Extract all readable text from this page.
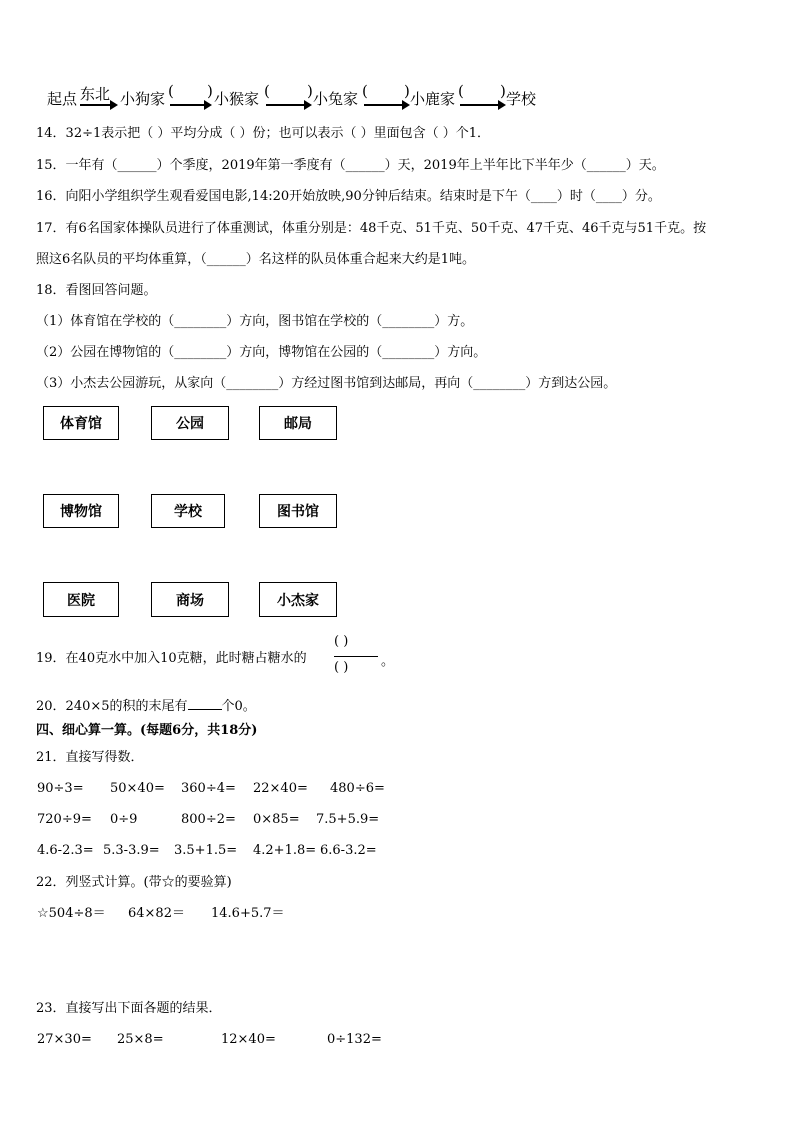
起点 东北 小狗家 ( ) 小猴家 ( ) 小兔家 ( ) 小鹿家 ( ) 学校
14．32÷1表示把（ ）平均分成（ ）份；也可以表示（ ）里面包含（ ）个1．
15．一年有（______）个季度，2019年第一季度有（______）天，2019年上半年比下半年少（______）天。
16．向阳小学组织学生观看爱国电影,14:20开始放映,90分钟后结束。结束时是下午（____）时（____）分。
17．有6名国家体操队员进行了体重测试，体重分别是：48千克、51千克、50千克、47千克、46千克与51千克。按
照这6名队员的平均体重算，（______）名这样的队员体重合起来大约是1吨。
18．看图回答问题。
（1）体育馆在学校的（________）方向，图书馆在学校的（________）方。
（2）公园在博物馆的（________）方向，博物馆在公园的（________）方向。
（3）小杰去公园游玩，从家向（________）方经过图书馆到达邮局，再向（________）方到达公园。
体育馆	公园	邮局
博物馆	学校	图书馆
医院	商场	小杰家
19．在40克水中加入10克糖，此时糖占糖水的
( )
( )	。
20．240×5的积的末尾有	个0。
四、细心算一算。(每题6分，共18分)
21．直接写得数．
90÷3= 50×40= 360÷4= 22×40= 480÷6=
720÷9= 0÷9	800÷2= 0×85= 7.5+5.9=
4.6-2.3= 5.3-3.9= 3.5+1.5= 4.2+1.8= 6.6-3.2=
22．列竖式计算。(带☆的要验算)
☆504÷8＝ 64×82＝ 14.6+5.7＝
23．直接写出下面各题的结果．
27×30= 25×8=	12×40=	0÷132=
